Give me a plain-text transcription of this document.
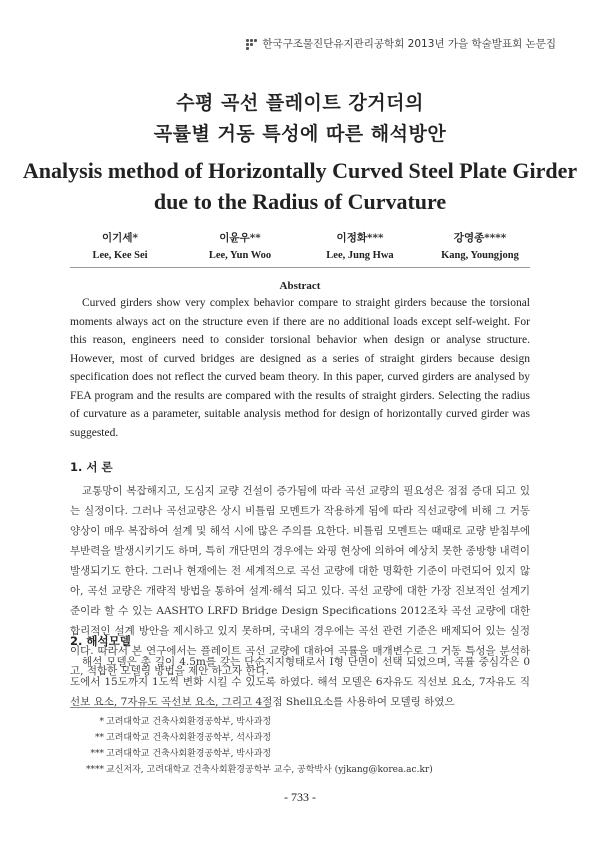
한국구조물진단유지관리공학회 2013년 가을 학술발표회 논문집
수평 곡선 플레이트 강거더의
곡률별 거동 특성에 따른 해석방안
Analysis method of Horizontally Curved Steel Plate Girder
due to the Radius of Curvature
이기세*
Lee, Kee Sei
이윤우**
Lee, Yun Woo
이정화***
Lee, Jung Hwa
강영종****
Kang, Youngjong
Abstract
Curved girders show very complex behavior compare to straight girders because the torsional moments always act on the structure even if there are no additional loads except self-weight. For this reason, engineers need to consider torsional behavior when design or analyse structure. However, most of curved bridges are designed as a series of straight girders because design specification does not reflect the curved beam theory. In this paper, curved girders are analysed by FEA program and the results are compared with the results of straight girders. Selecting the radius of curvature as a parameter, suitable analysis method for design of horizontally curved girder was suggested.
1. 서 론
교통망이 복잡해지고, 도심지 교량 건설이 증가됨에 따라 곡선 교량의 필요성은 점점 증대 되고 있는 실정이다. 그러나 곡선교량은 상시 비틀림 모멘트가 작용하게 됨에 따라 직선교량에 비해 그 거동 양상이 매우 복잡하여 설계 및 해석 시에 많은 주의를 요한다. 비틀림 모멘트는 때때로 교량 받침부에 부반력을 발생시키기도 하며, 특히 개단면의 경우에는 와핑 현상에 의하여 예상치 못한 종방향 내력이 발생되기도 한다. 그러나 현재에는 전 세계적으로 곡선 교량에 대한 명확한 기준이 마련되어 있지 않아, 곡선 교량은 개략적 방법을 통하여 설계·해석 되고 있다. 곡선 교량에 대한 가장 진보적인 설계기준이라 할 수 있는 AASHTO LRFD Bridge Design Specifications 2012조차 곡선 교량에 대한 합리적인 설계 방안을 제시하고 있지 못하며, 국내의 경우에는 곡선 관련 기준은 배제되어 있는 실정이다. 따라서 본 연구에서는 플레이트 곡선 교량에 대하여 곡률을 매개변수로 그 거동 특성을 분석하고, 적합한 모델링 방법을 제안 하고자 한다.
2. 해석모델
해석 모델은 총 길이 4.5m를 갖는 단순지지형태로서 I형 단면이 선택 되었으며, 곡률 중심각은 0도에서 15도까지 1도씩 변화 시킬 수 있도록 하였다. 해석 모델은 6자유도 직선보 요소, 7자유도 직선보 요소, 7자유도 곡선보 요소, 그리고 4절점 Shell요소를 사용하여 모델링 하였으
* 고려대학교 건축사회환경공학부, 박사과정
** 고려대학교 건축사회환경공학부, 석사과정
*** 고려대학교 건축사회환경공학부, 박사과정
**** 교신저자, 고려대학교 건축사회환경공학부 교수, 공학박사 (yjkang@korea.ac.kr)
- 733 -
